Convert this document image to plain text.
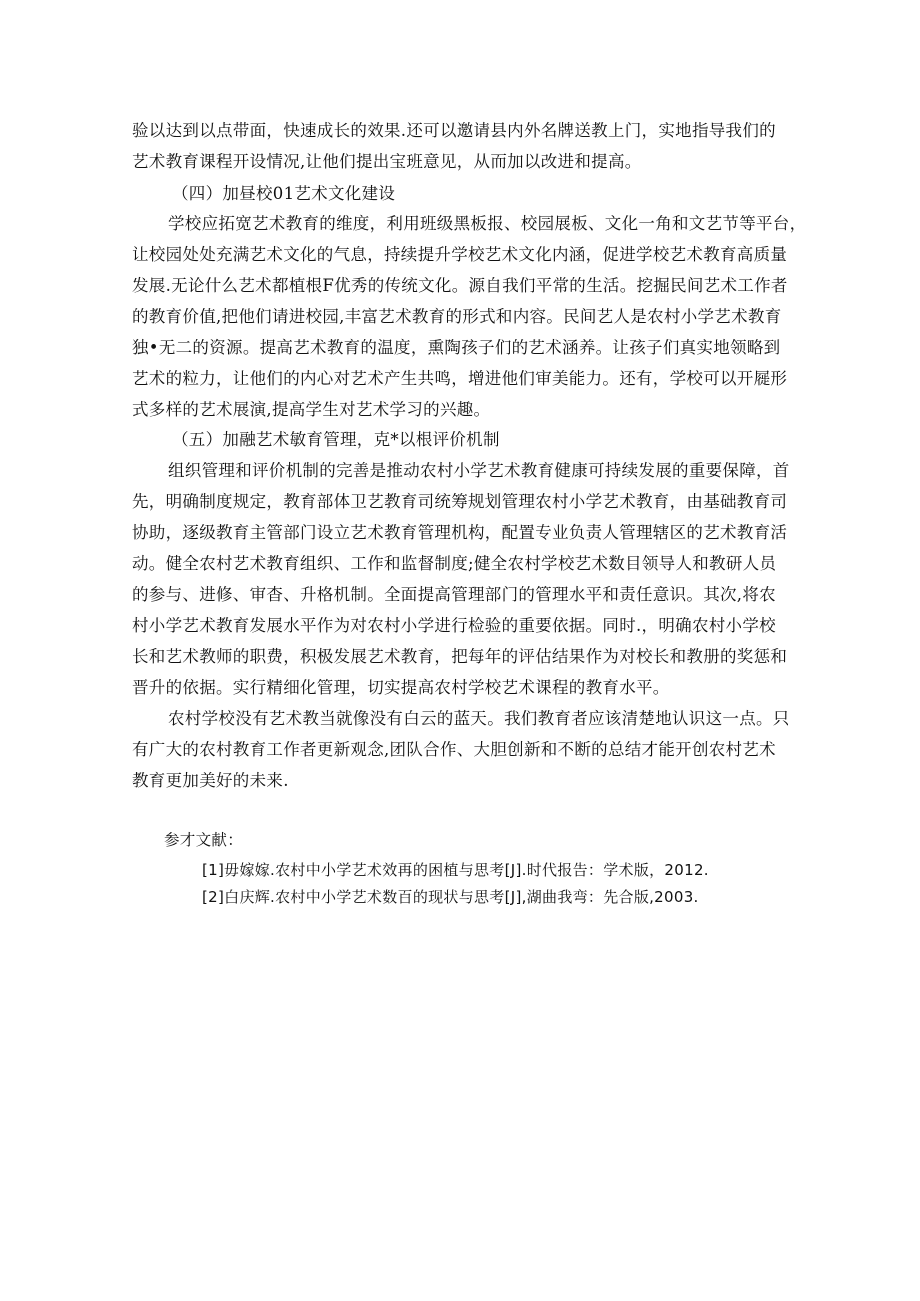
验以达到以点带面，快速成长的效果.还可以邀请县内外名牌送教上门，实地指导我们的
艺术教育课程开设情况,让他们提出宝班意见，从而加以改进和提高。
（四）加昼校01艺术文化建设
学校应拓宽艺术教育的维度，利用班级黑板报、校园展板、文化一角和文艺节等平台，
让校园处处充满艺术文化的气息，持续提升学校艺术文化内涵，促进学校艺术教育高质量
发展.无论什么艺术都植根F优秀的传统文化。源自我们平常的生活。挖掘民间艺术工作者
的教育价值,把他们请进校园,丰富艺术教育的形式和内容。民间艺人是农村小学艺术教育
独•无二的资源。提高艺术教育的温度，熏陶孩子们的艺术涵养。让孩子们真实地领略到
艺术的粒力，让他们的内心对艺术产生共鸣，增进他们审美能力。还有，学校可以开屣形
式多样的艺术展演,提高学生对艺术学习的兴趣。
（五）加融艺术敏育管理，克*以根评价机制
组织管理和评价机制的完善是推动农村小学艺术教育健康可持续发展的重要保障，首
先，明确制度规定，教育部体卫艺教育司统筹规划管理农村小学艺术教育，由基础教育司
协助，逐级教育主管部门设立艺术教育管理机构，配置专业负责人管理辖区的艺术教育活
动。健全农村艺术教育组织、工作和监督制度;健全农村学校艺术数目领导人和教研人员
的参与、进修、审杳、升格机制。全面提高管理部门的管理水平和责任意识。其次,将农
村小学艺术教育发展水平作为对农村小学进行检验的重要依据。同时.，明确农村小学校
长和艺术教师的职费，积极发展艺术教育，把每年的评估结果作为对校长和教册的奖惩和
晋升的依据。实行精细化管理，切实提高农村学校艺术课程的教育水平。
农村学校没有艺术教当就像没有白云的蓝天。我们教育者应该清楚地认识这一点。只
有广大的农村教育工作者更新观念,团队合作、大胆创新和不断的总结才能开创农村艺术
教育更加美好的未来.
参才文献：
[1]毋嫁嫁.农村中小学艺术效再的困植与思考[J].时代报告：学术版，2012.
[2]白庆辉.农村中小学艺术数百的现状与思考[J],湖曲我弯：先合版,2003.
